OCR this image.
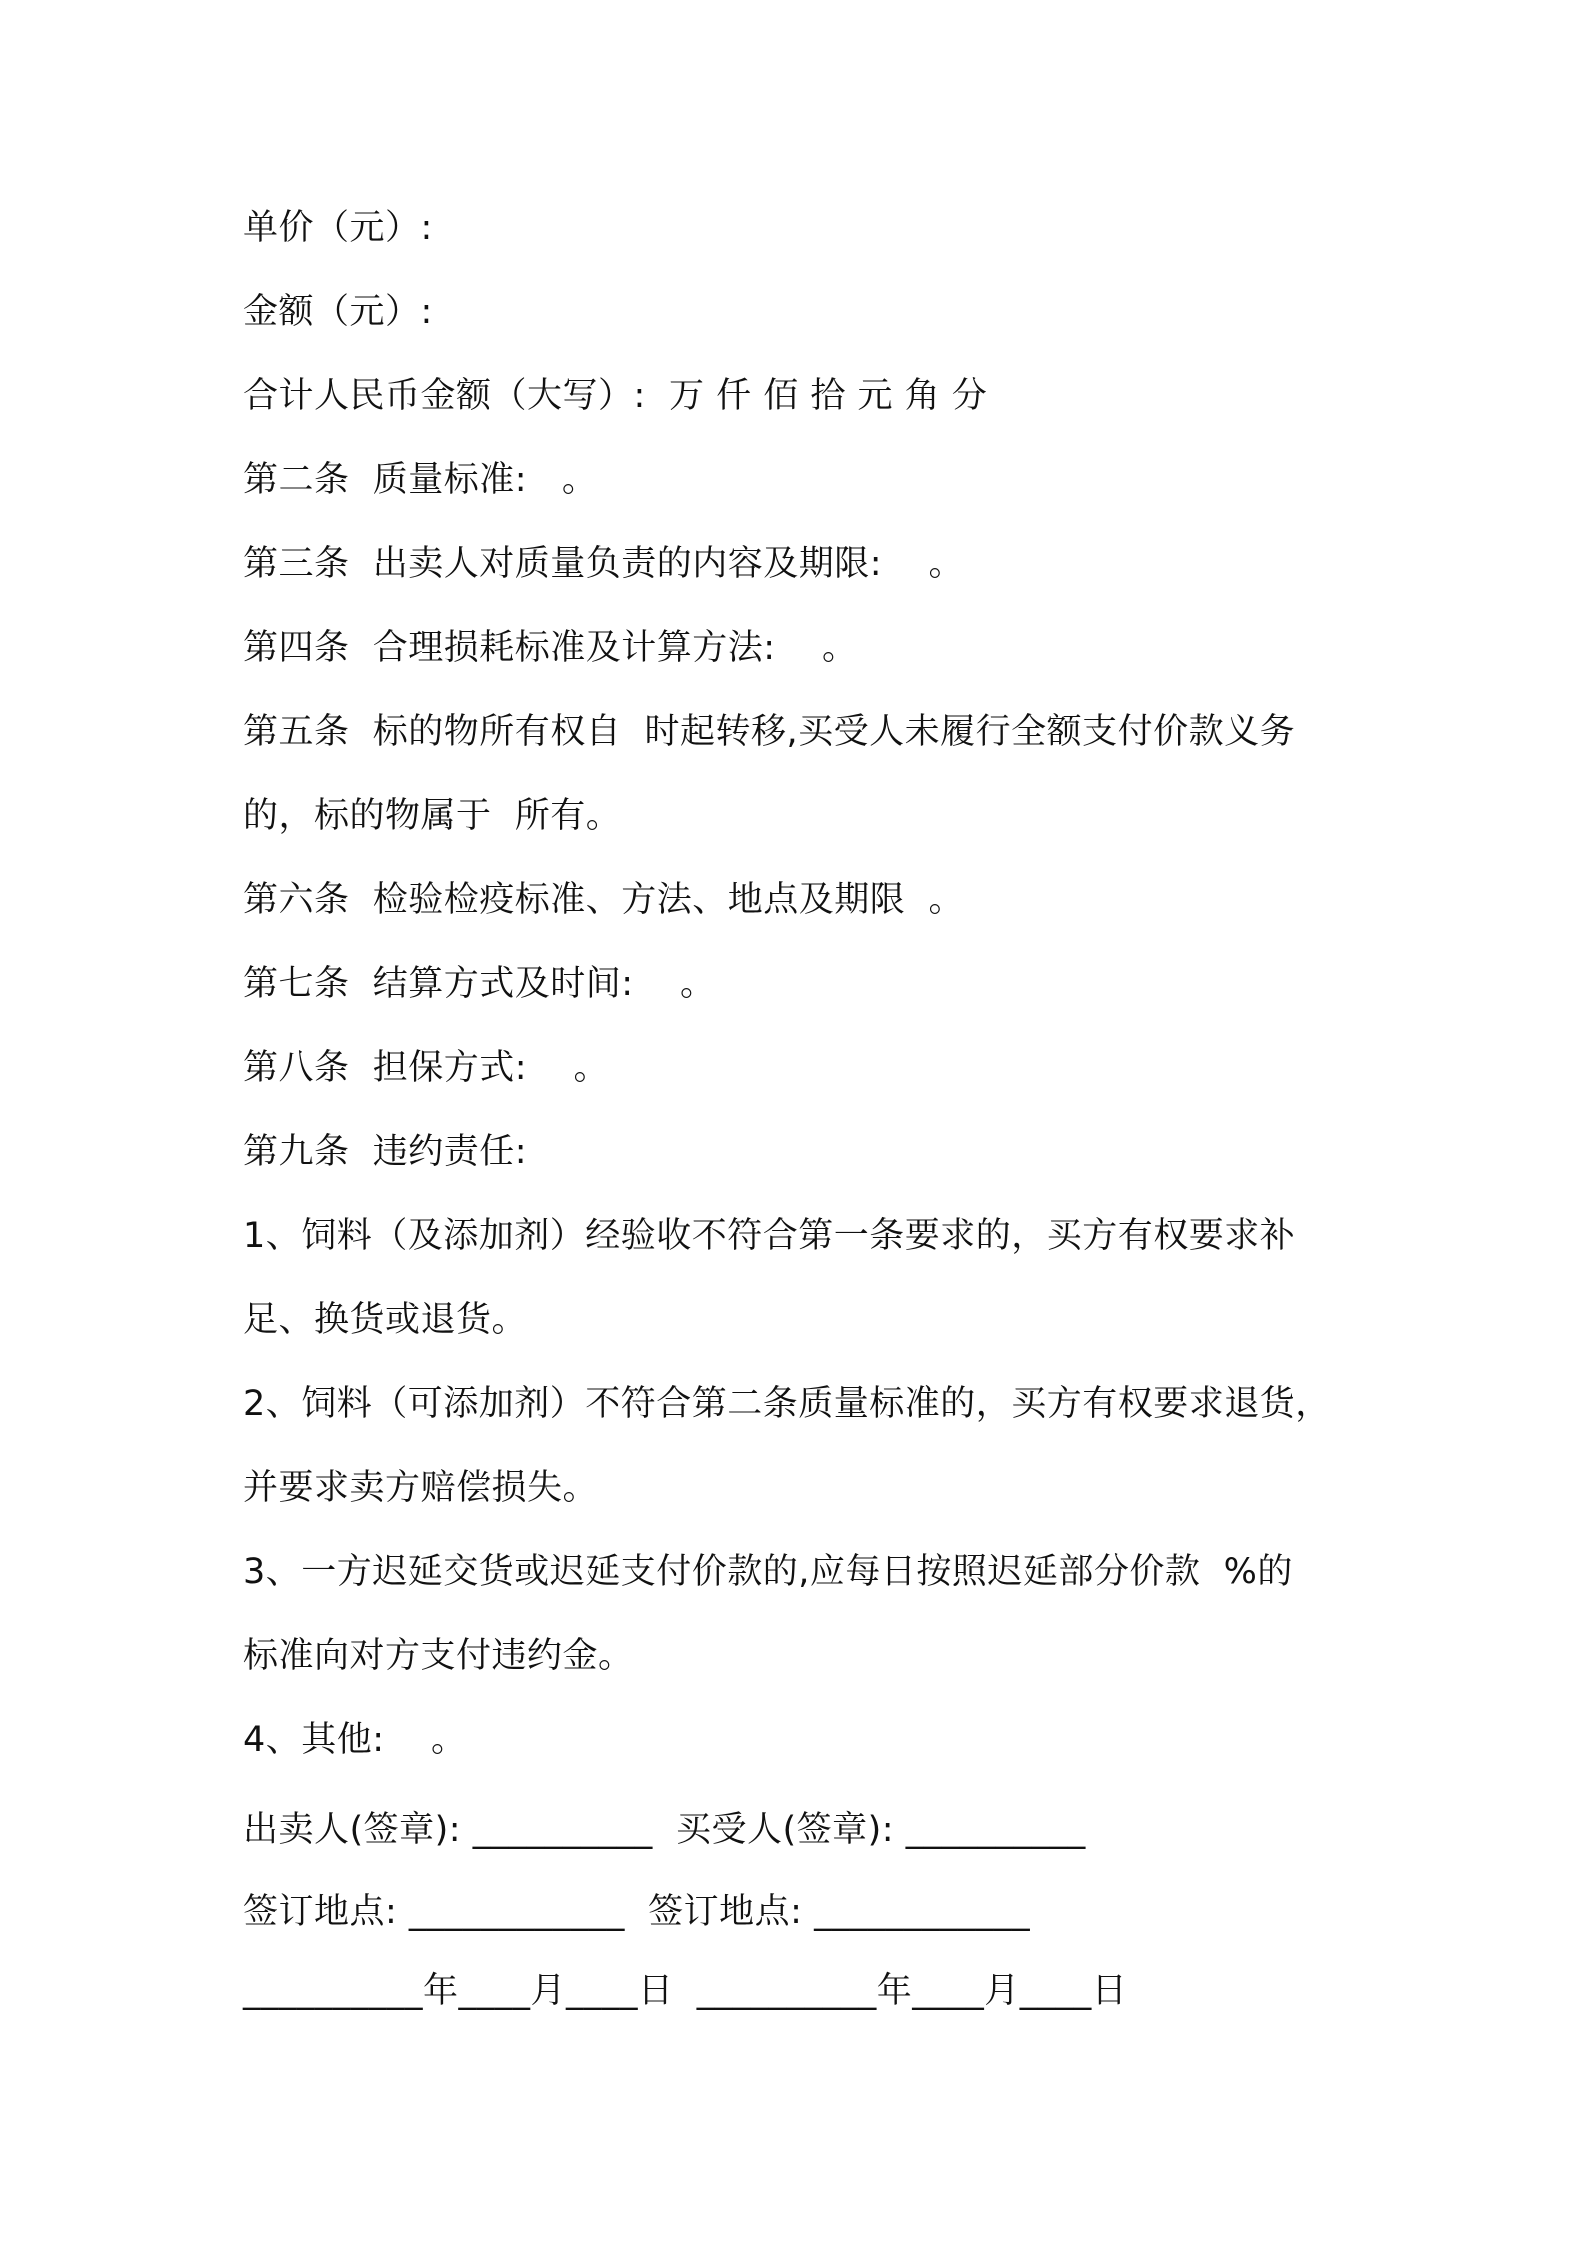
单价（元）:
金额（元）:
合计人民币金额（大写）:  万 仟 佰 拾 元 角 分
第二条  质量标准:   。
第三条  出卖人对质量负责的内容及期限:    。
第四条  合理损耗标准及计算方法:    。
第五条  标的物所有权自  时起转移,买受人未履行全额支付价款义务
的，标的物属于  所有。
第六条  检验检疫标准、方法、地点及期限  。
第七条  结算方式及时间:    。
第八条  担保方式:    。
第九条  违约责任:
1、饲料（及添加剂）经验收不符合第一条要求的，买方有权要求补
足、换货或退货。
2、饲料（可添加剂）不符合第二条质量标准的，买方有权要求退货，
并要求卖方赔偿损失。
3、一方迟延交货或迟延支付价款的,应每日按照迟延部分价款  %的
标准向对方支付违约金。
4、其他:    。
出卖人(签章): __________  买受人(签章): __________
签订地点: ____________  签订地点: ____________
__________年____月____日  __________年____月____日
